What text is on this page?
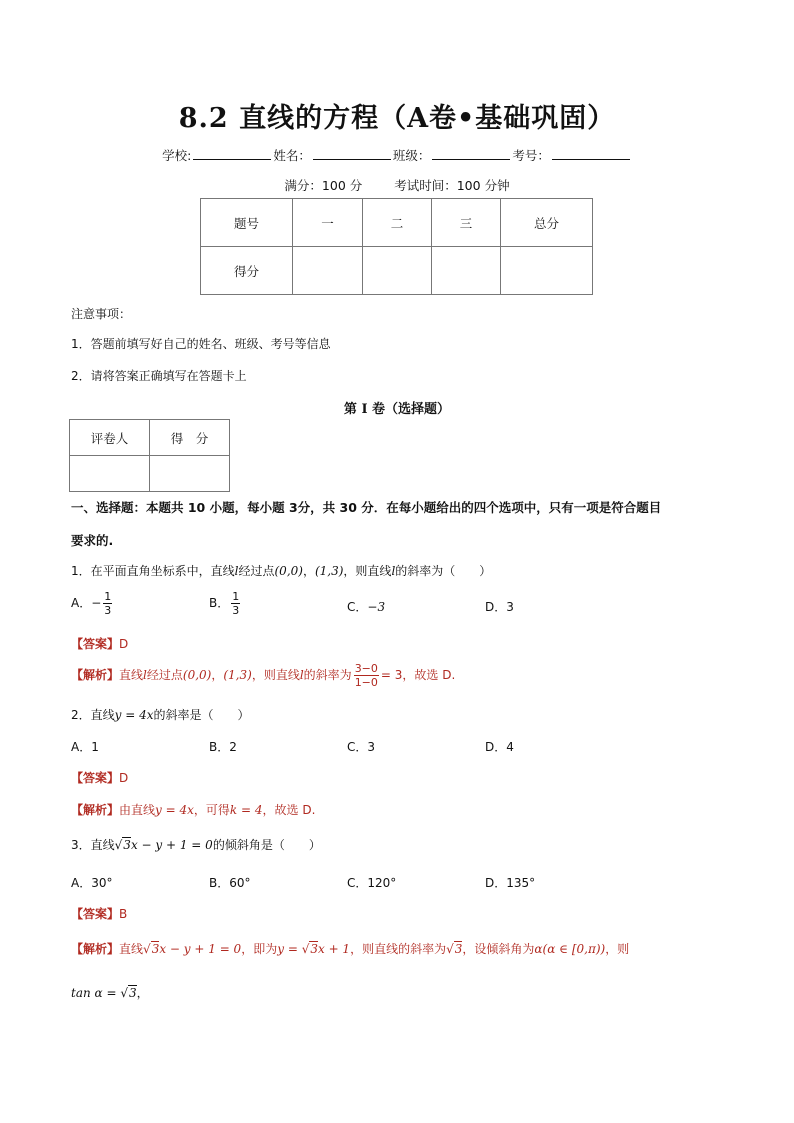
8.2 直线的方程（A卷•基础巩固）
学校:	姓名：	班级：	考号：
满分：100 分	考试时间：100 分钟
题号	一	二	三	总分
得分				
注意事项：
1．答题前填写好自己的姓名、班级、考号等信息
2．请将答案正确填写在答题卡上
第 I 卷（选择题）
评卷人	得　分

一、选择题：本题共 10 小题，每小题 3分，共 30 分．在每小题给出的四个选项中，只有一项是符合题目
要求的.
1．在平面直角坐标系中，直线l经过点(0,0)，(1,3)，则直线l的斜率为（　　）
A．− $\frac{1}{3}$	B． $\frac{1}{3}$	C．−3	D．3
【答案】D
【解析】直线l经过点(0,0)，(1,3)，则直线l的斜率为 $\frac{3-0}{1-0} = 3$，故选 D.
2．直线y = 4x的斜率是（　　）
A．1	B．2	C．3	D．4
【答案】D
【解析】由直线y = 4x，可得k = 4，故选 D.
3．直线√3x − y + 1 = 0的倾斜角是（　　）
A．30°	B．60°	C．120°	D．135°
【答案】B
【解析】直线√3x − y + 1 = 0，即为y = √3x + 1，则直线的斜率为√3，设倾斜角为α(α ∈ [0,π))，则
tan α = √3，
